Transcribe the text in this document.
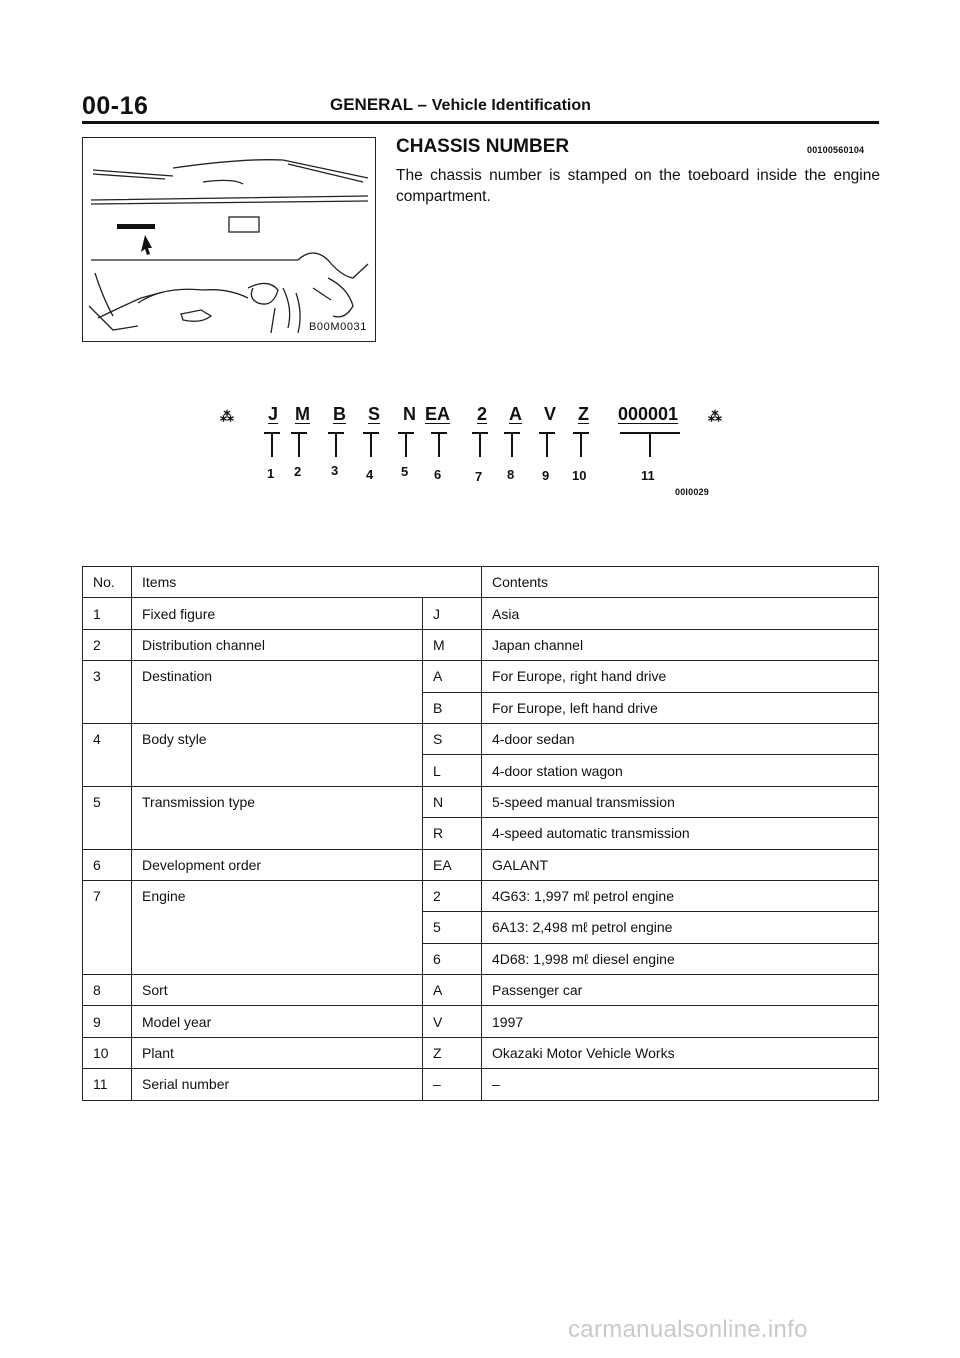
00-16	GENERAL – Vehicle Identification
B00M0031
CHASSIS NUMBER	00100560104
The chassis number is stamped on the toeboard inside the engine compartment.
⁂ J M B S N EA 2 A V Z 000001 ⁂
1 2 3 4 5 6	7 8 9 10	11
00I0029
No.	Items		Contents
1	Fixed figure	J	Asia
2	Distribution channel	M	Japan channel
3	Destination	A	For Europe, right hand drive
		B	For Europe, left hand drive
4	Body style	S	4-door sedan
		L	4-door station wagon
5	Transmission type	N	5-speed manual transmission
		R	4-speed automatic transmission
6	Development order	EA	GALANT
7	Engine	2	4G63: 1,997 mℓ petrol engine
		5	6A13: 2,498 mℓ petrol engine
		6	4D68: 1,998 mℓ diesel engine
8	Sort	A	Passenger car
9	Model year	V	1997
10	Plant	Z	Okazaki Motor Vehicle Works
11	Serial number	–	–
carmanualsonline.info
